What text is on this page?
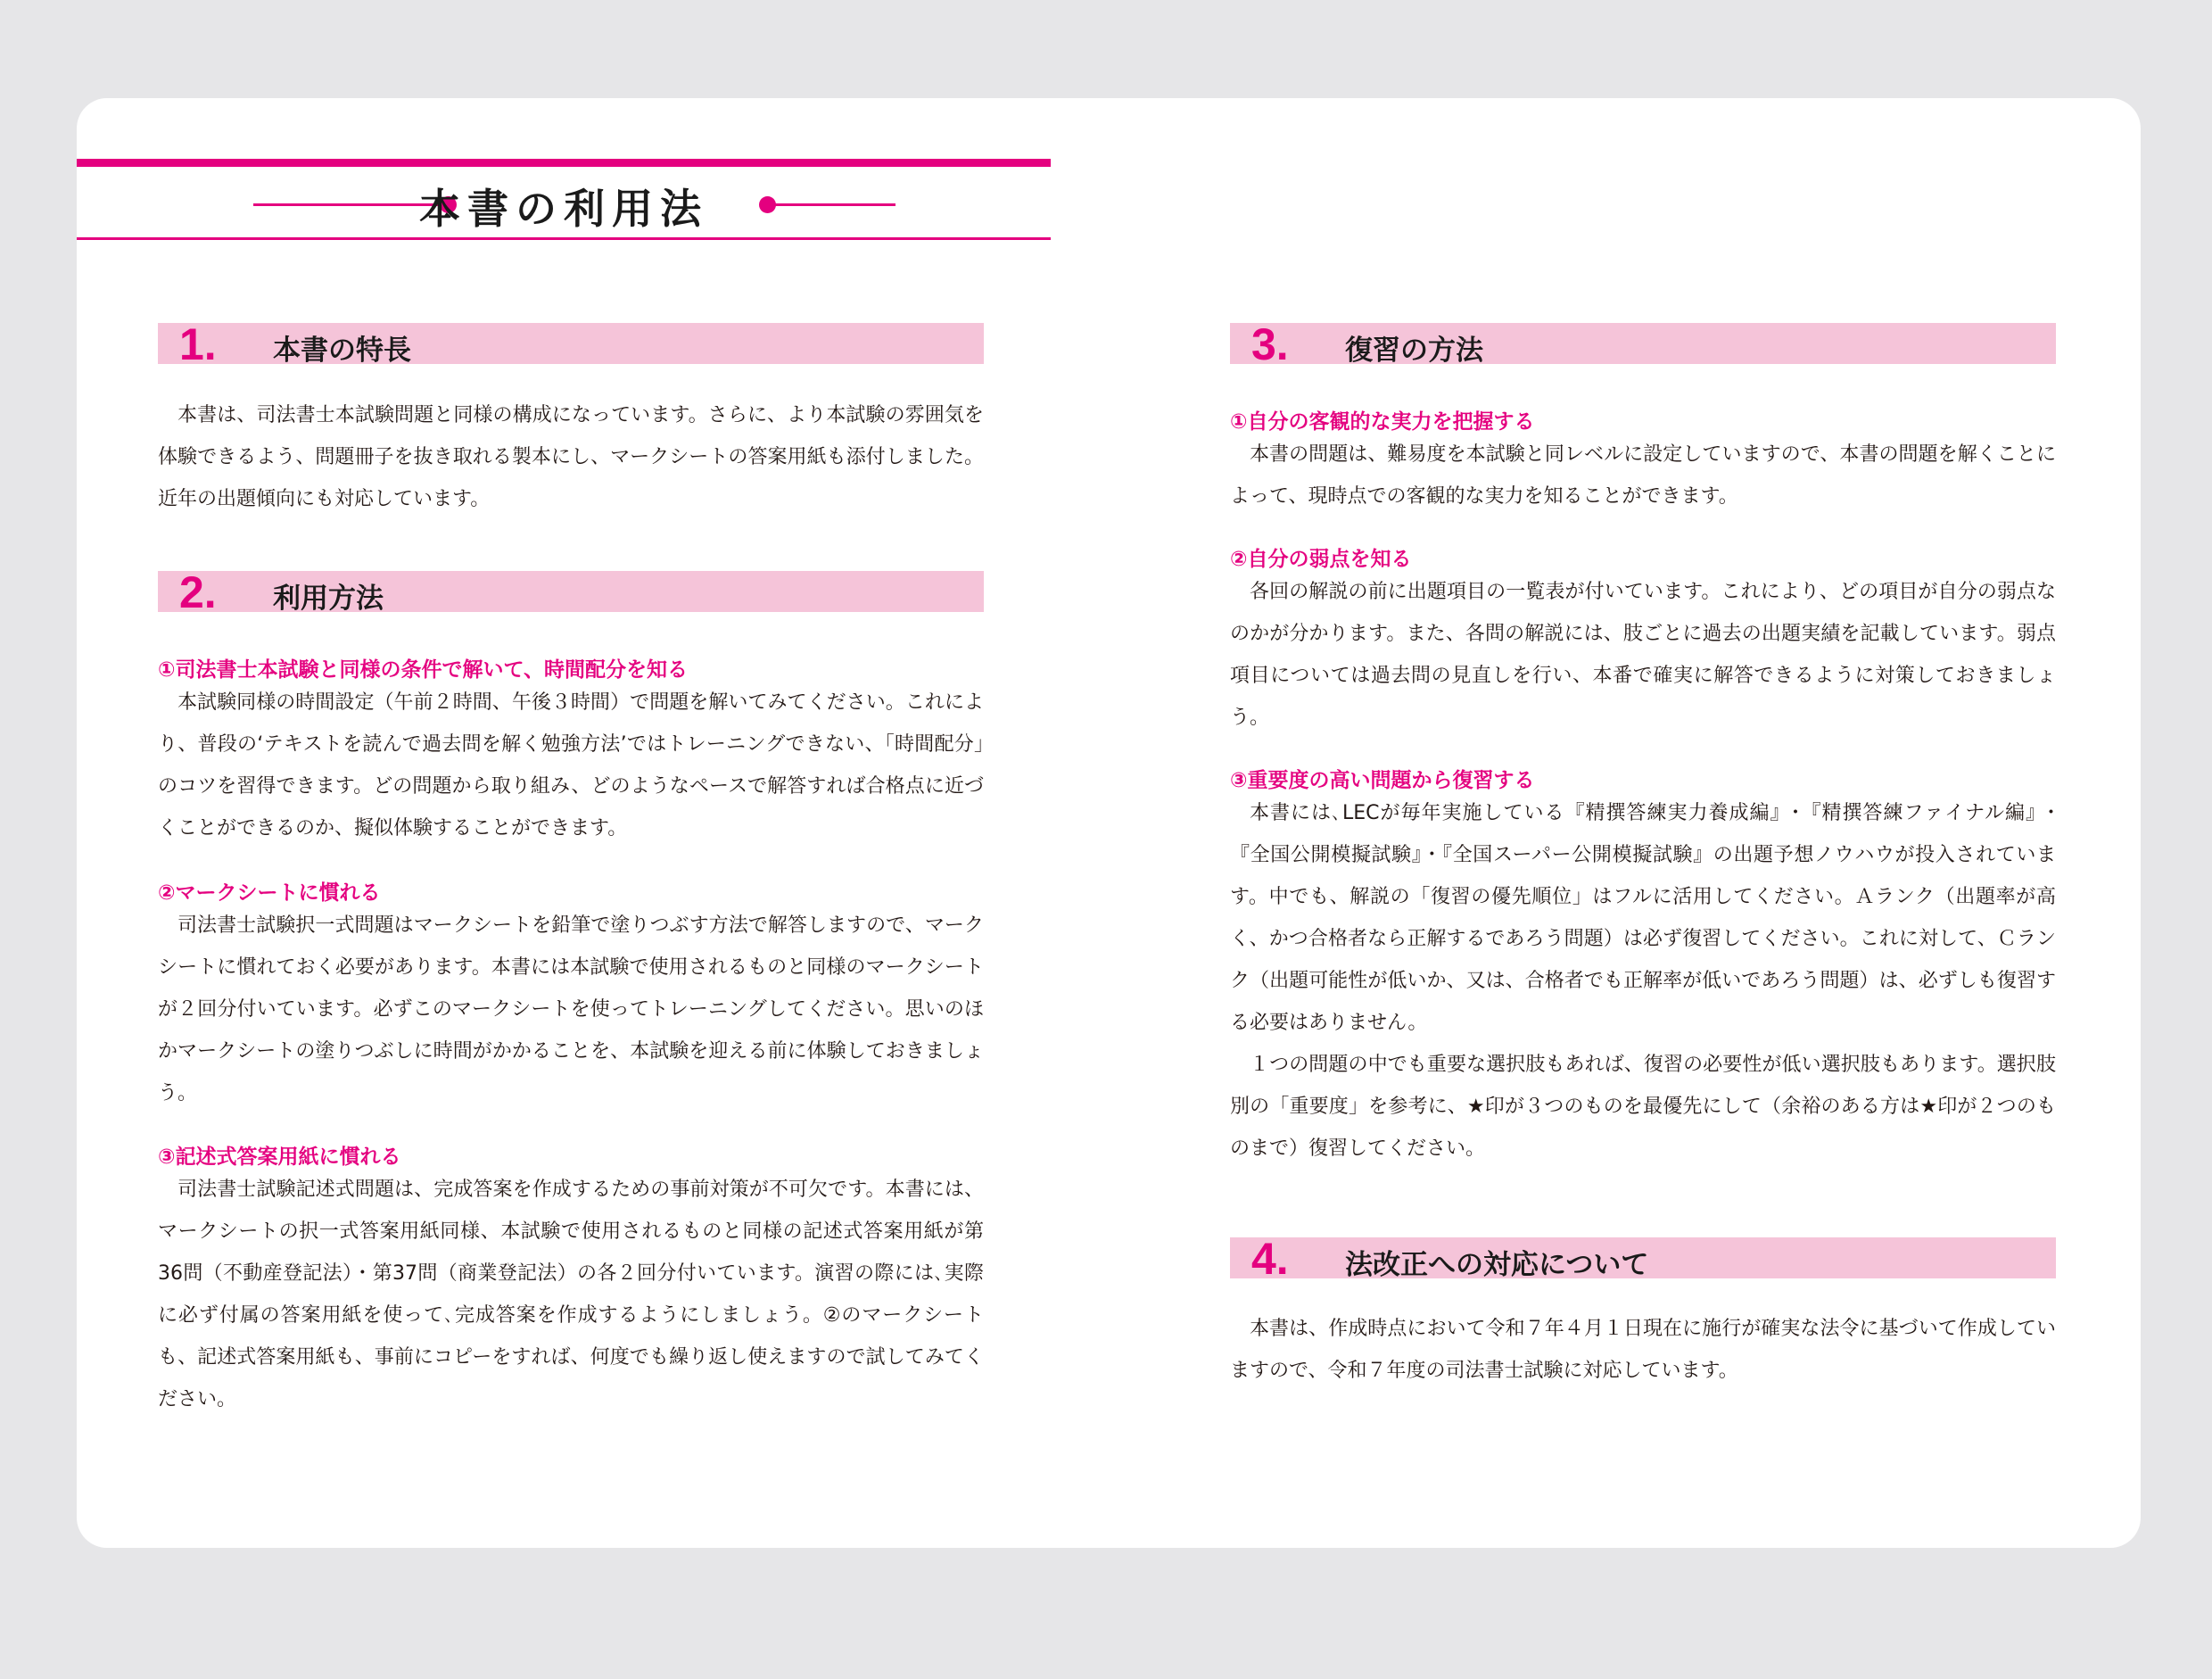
本書の利用法
1. 本書の特長
本書は、司法書士本試験問題と同様の構成になっています。さらに、より本試験の雰囲気を体験できるよう、問題冊子を抜き取れる製本にし、マークシートの答案用紙も添付しました。近年の出題傾向にも対応しています。
2. 利用方法
①司法書士本試験と同様の条件で解いて、時間配分を知る
本試験同様の時間設定（午前２時間、午後３時間）で問題を解いてみてください。これにより、普段の‘テキストを読んで過去問を解く勉強方法’ではトレーニングできない、「時間配分」のコツを習得できます。どの問題から取り組み、どのようなペースで解答すれば合格点に近づくことができるのか、擬似体験することができます。
②マークシートに慣れる
司法書士試験択一式問題はマークシートを鉛筆で塗りつぶす方法で解答しますので、マークシートに慣れておく必要があります。本書には本試験で使用されるものと同様のマークシートが２回分付いています。必ずこのマークシートを使ってトレーニングしてください。思いのほかマークシートの塗りつぶしに時間がかかることを、本試験を迎える前に体験しておきましょう。
③記述式答案用紙に慣れる
司法書士試験記述式問題は、完成答案を作成するための事前対策が不可欠です。本書には、マークシートの択一式答案用紙同様、本試験で使用されるものと同様の記述式答案用紙が第36問（不動産登記法）・第37問（商業登記法）の各２回分付いています。演習の際には､実際に必ず付属の答案用紙を使って､完成答案を作成するようにしましょう。②のマークシートも、記述式答案用紙も、事前にコピーをすれば、何度でも繰り返し使えますので試してみてください。
3. 復習の方法
①自分の客観的な実力を把握する
本書の問題は、難易度を本試験と同レベルに設定していますので、本書の問題を解くことによって、現時点での客観的な実力を知ることができます。
②自分の弱点を知る
各回の解説の前に出題項目の一覧表が付いています。これにより、どの項目が自分の弱点なのかが分かります。また、各問の解説には、肢ごとに過去の出題実績を記載しています。弱点項目については過去問の見直しを行い、本番で確実に解答できるように対策しておきましょう。
③重要度の高い問題から復習する
本書には､LECが毎年実施している『精撰答練実力養成編』･『精撰答練ファイナル編』･『全国公開模擬試験』・『全国スーパー公開模擬試験』の出題予想ノウハウが投入されています。中でも、解説の「復習の優先順位」はフルに活用してください。Ａランク（出題率が高く、かつ合格者なら正解するであろう問題）は必ず復習してください。これに対して、Ｃランク（出題可能性が低いか、又は、合格者でも正解率が低いであろう問題）は、必ずしも復習する必要はありません。
１つの問題の中でも重要な選択肢もあれば、復習の必要性が低い選択肢もあります。選択肢別の「重要度」を参考に、★印が３つのものを最優先にして（余裕のある方は★印が２つのものまで）復習してください。
4. 法改正への対応について
本書は、作成時点において令和７年４月１日現在に施行が確実な法令に基づいて作成していますので、令和７年度の司法書士試験に対応しています。
